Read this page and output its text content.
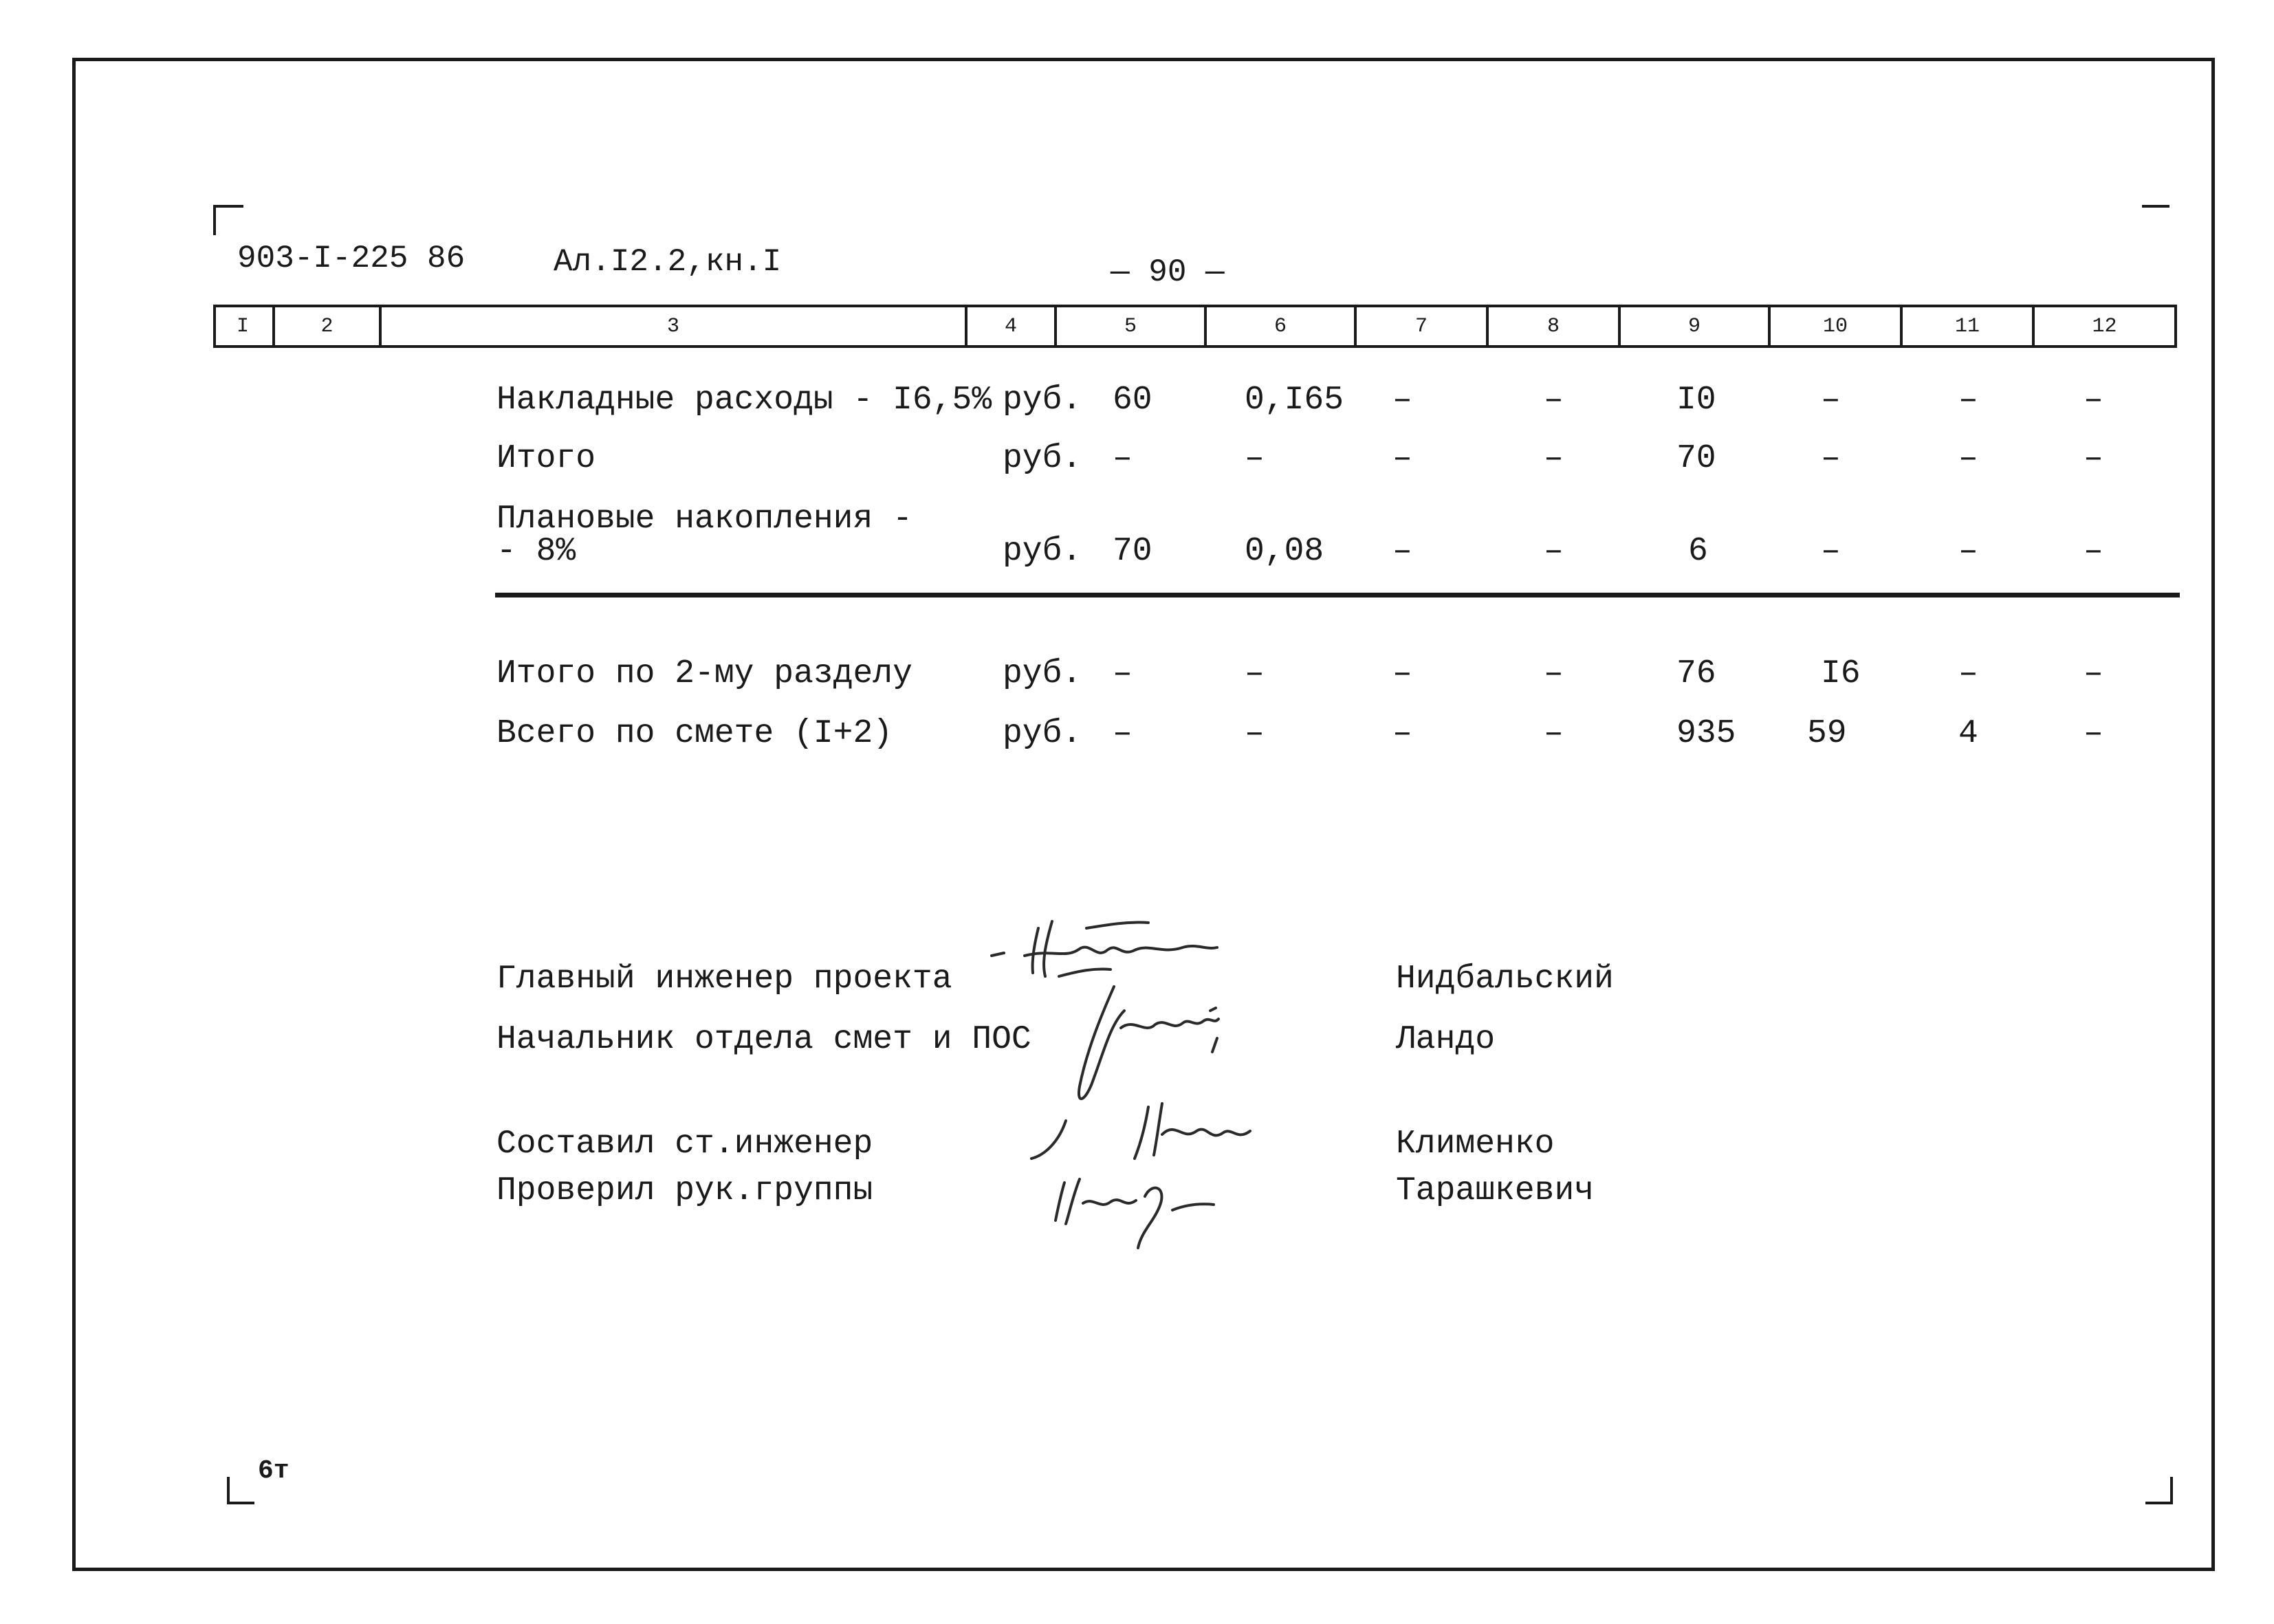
903-I-225 86	Ал.I2.2,кн.I	— 90 —
I	2	3	4	5	6	7	8	9	10	11	12
Накладные расходы - I6,5% руб. 60	0,I65 –	–	I0	–	–	–
Итого	руб. –	–	–	–	70	–	–	–
Плановые накопления -
- 8%	руб. 70	0,08 –	–	6	–	–	–
Итого по 2-му разделу	руб. –	–	–	–	76	I6	–	–
Всего по смете (I+2)	руб. –	–	–	–	935 59	4	–
Главный инженер проекта	Нидбальский
Начальник отдела смет и ПОС	Ландо
Составил ст.инженер	Клименко
Проверил рук.группы	Тарашкевич
6т
